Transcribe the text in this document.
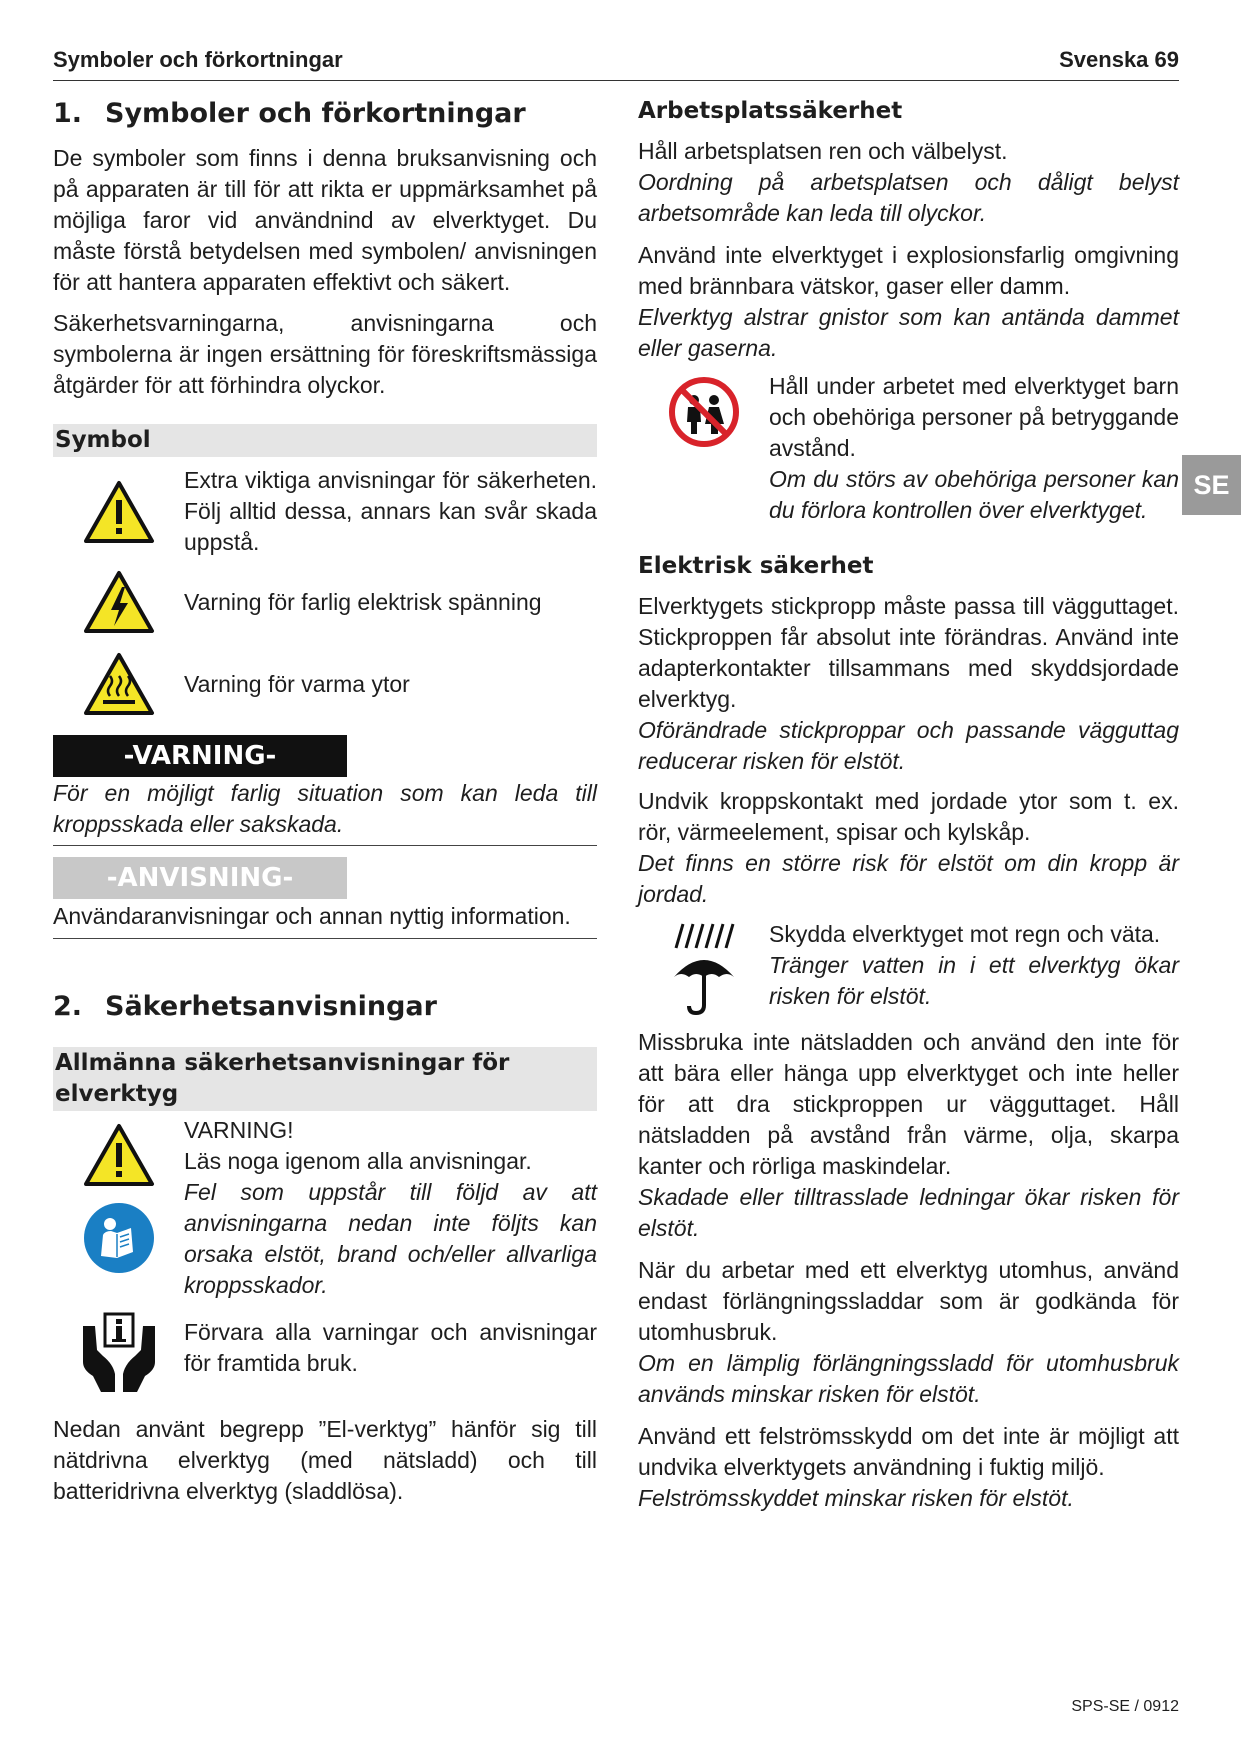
Symboler och förkortningar	Svenska 69
SE
1. Symboler och förkortningar

De symboler som finns i denna bruksanvisning och på apparaten är till för att rikta er uppmärksamhet på möjliga faror vid användnind av elverktyget. Du måste förstå betydelsen med symbolen/ anvisningen för att hantera apparaten effektivt och säkert.

Säkerhetsvarningarna, anvisningarna och symbolerna är ingen ersättning för föreskriftsmässiga åtgärder för att förhindra olyckor.

Symbol

Extra viktiga anvisningar för säkerheten. Följ alltid dessa, annars kan svår skada uppstå.

Varning för farlig elektrisk spänning

Varning för varma ytor

-VARNING-

För en möjligt farlig situation som kan leda till kroppsskada eller sakskada.

-ANVISNING-

Användaranvisningar och annan nyttig information.

2. Säkerhetsanvisningar
Allmänna säkerhetsanvisningar för elverktyg

VARNING!

Läs noga igenom alla anvisningar.

Fel som uppstår till följd av att anvisningarna nedan inte följts kan orsaka elstöt, brand och/eller allvarliga kroppsskador.

Förvara alla varningar och anvisningar för framtida bruk.

Nedan använt begrepp ”El-verktyg” hänför sig till nätdrivna elverktyg (med nätsladd) och till batteridrivna elverktyg (sladdlösa).

Arbetsplatssäkerhet

Håll arbetsplatsen ren och välbelyst.

Oordning på arbetsplatsen och dåligt belyst arbetsområde kan leda till olyckor.

Använd inte elverktyget i explosionsfarlig omgivning med brännbara vätskor, gaser eller damm.

Elverktyg alstrar gnistor som kan antända dammet eller gaserna.

Håll under arbetet med elverktyget barn och obehöriga personer på betryggande avstånd.

Om du störs av obehöriga personer kan du förlora kontrollen över elverktyget.

Elektrisk säkerhet

Elverktygets stickpropp måste passa till vägguttaget. Stickproppen får absolut inte förändras. Använd inte adapterkontakter tillsammans med skyddsjordade elverktyg.

Oförändrade stickproppar och passande vägguttag reducerar risken för elstöt.

Undvik kroppskontakt med jordade ytor som t. ex. rör, värmeelement, spisar och kylskåp.

Det finns en större risk för elstöt om din kropp är jordad.

Skydda elverktyget mot regn och väta.

Tränger vatten in i ett elverktyg ökar risken för elstöt.

Missbruka inte nätsladden och använd den inte för att bära eller hänga upp elverktyget och inte heller för att dra stickproppen ur vägguttaget. Håll nätsladden på avstånd från värme, olja, skarpa kanter och rörliga maskindelar.

Skadade eller tilltrasslade ledningar ökar risken för elstöt.

När du arbetar med ett elverktyg utomhus, använd endast förlängningssladdar som är godkända för utomhusbruk.

Om en lämplig förlängningssladd för utomhusbruk används minskar risken för elstöt.

Använd ett felströmsskydd om det inte är möjligt att undvika elverktygets användning i fuktig miljö.

Felströmsskyddet minskar risken för elstöt.

SPS-SE / 0912
